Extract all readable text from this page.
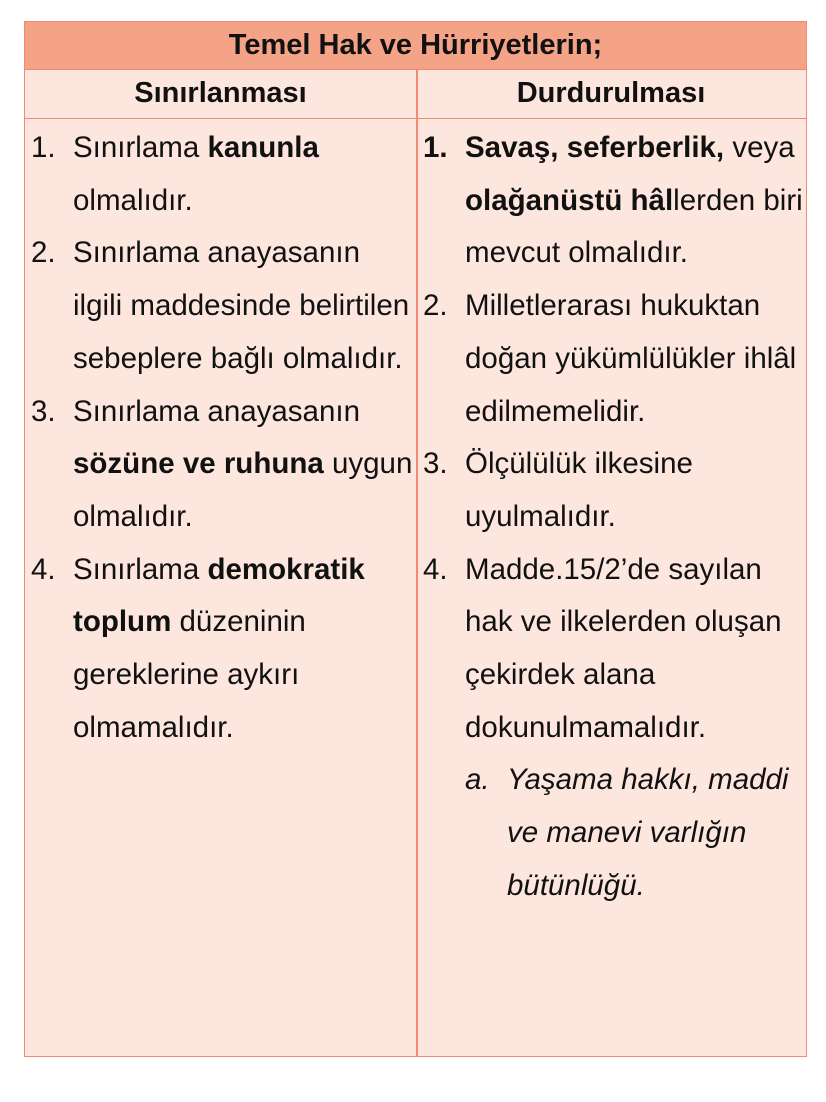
Temel Hak ve Hürriyetlerin;
Sınırlanması	Durdurulması
1. Sınırlama kanunla olmalıdır.
2. Sınırlama anayasanın ilgili maddesinde belirtilen sebeplere bağlı olmalıdır.
3. Sınırlama anayasanın sözüne ve ruhuna uygun olmalıdır.
4. Sınırlama demokratik toplum düzeninin gereklerine aykırı olmamalıdır.
1. Savaş, seferberlik, veya olağanüstü hâllerden biri mevcut olmalıdır.
2. Milletlerarası hukuktan doğan yükümlülükler ihlâl edilmemelidir.
3. Ölçülülük ilkesine uyulmalıdır.
4. Madde.15/2’de sayılan hak ve ilkelerden oluşan çekirdek alana dokunulmamalıdır.
a. Yaşama hakkı, maddi ve manevi varlığın bütünlüğü.
